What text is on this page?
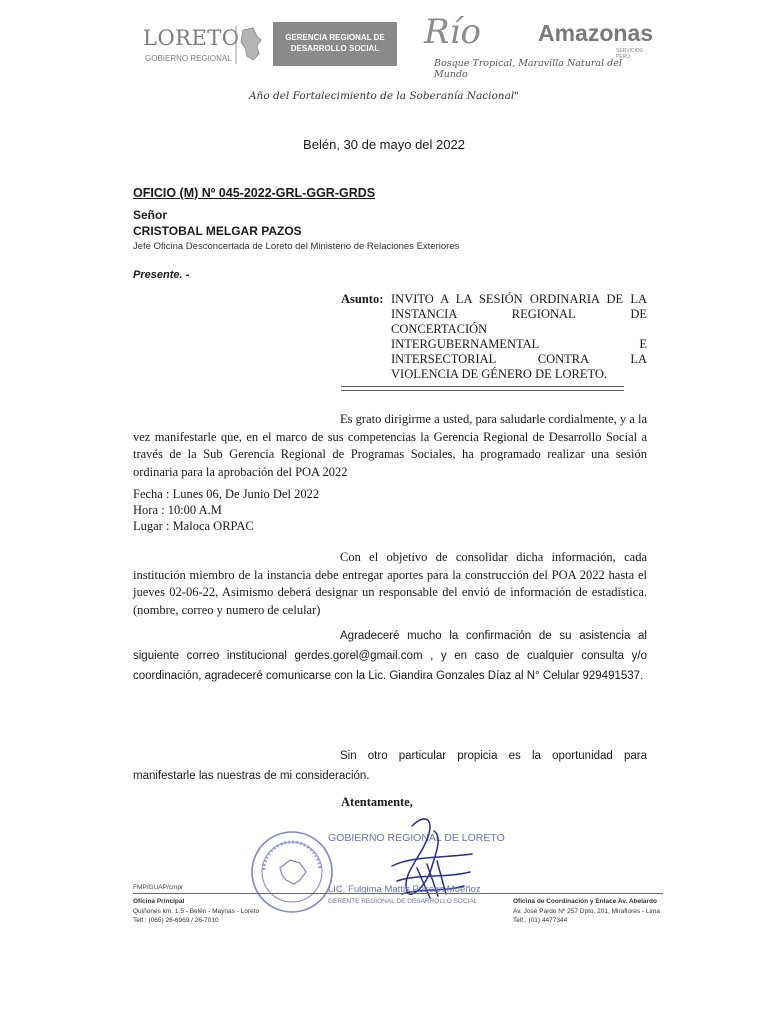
LORETO
GOBIERNO REGIONAL
GERENCIA REGIONAL DE
DESARROLLO SOCIAL	Río Amazonas
SERVICIOS - PERÚ
Bosque Tropical, Maravilla Natural del Mundo
Año del Fortalecimiento de la Soberanía Nacional"
Belén, 30 de mayo del 2022
OFICIO (M) Nº 045-2022-GRL-GGR-GRDS
Señor
CRISTOBAL MELGAR PAZOS
Jefe Oficina Desconcertada de Loreto del Ministerio de Relaciones Exteriores
Presente. -
Asunto: INVITO A LA SESIÓN ORDINARIA DE LA
INSTANCIA REGIONAL DE
CONCERTACIÓN
INTERGUBERNAMENTAL E
INTERSECTORIAL CONTRA LA
VIOLENCIA DE GÉNERO DE LORETO.
Es grato dirigirme a usted, para saludarle cordialmente, y a la vez manifestarle que, en el marco de sus competencias la Gerencia Regional de Desarrollo Social a través de la Sub Gerencia Regional de Programas Sociales, ha programado realizar una sesión ordinaria para la aprobación del POA 2022
Fecha : Lunes 06, De Junio Del 2022
Hora : 10:00 A.M
Lugar : Maloca ORPAC
Con el objetivo de consolidar dicha información, cada institución miembro de la instancia debe entregar aportes para la construcción del POA 2022 hasta el jueves 02-06-22, Asimismo deberá designar un responsable del envió de información de estadística. (nombre, correo y numero de celular)
Agradeceré mucho la confirmación de su asistencia al siguiente correo institucional gerdes.gorel@gmail.com , y en caso de cualquier consulta y/o coordinación, agradeceré comunicarse con la Lic. Giandira Gonzales Díaz al N° Celular 929491537.
Sin otro particular propicia es la oportunidad para manifestarle las nuestras de mi consideración.
Atentamente,
GOBIERNO REGIONAL DE LORETO
LIC. Fulgima Mattis Puscan Mueñoz
GERENTE REGIONAL DE DESARROLLO SOCIAL
FMP/GUAP/cmpr
Oficina Principal
Quiñones km. 1.5 - Belén - Maynas - Loreto
Telf.: (065) 26-6969 / 26-7010
Oficina de Coordinación y Enlace Av. Abelardo
Av. José Pardo Nº 257 Dpto. 201, Miraflores - Lima
Telf.: (01) 4477344
